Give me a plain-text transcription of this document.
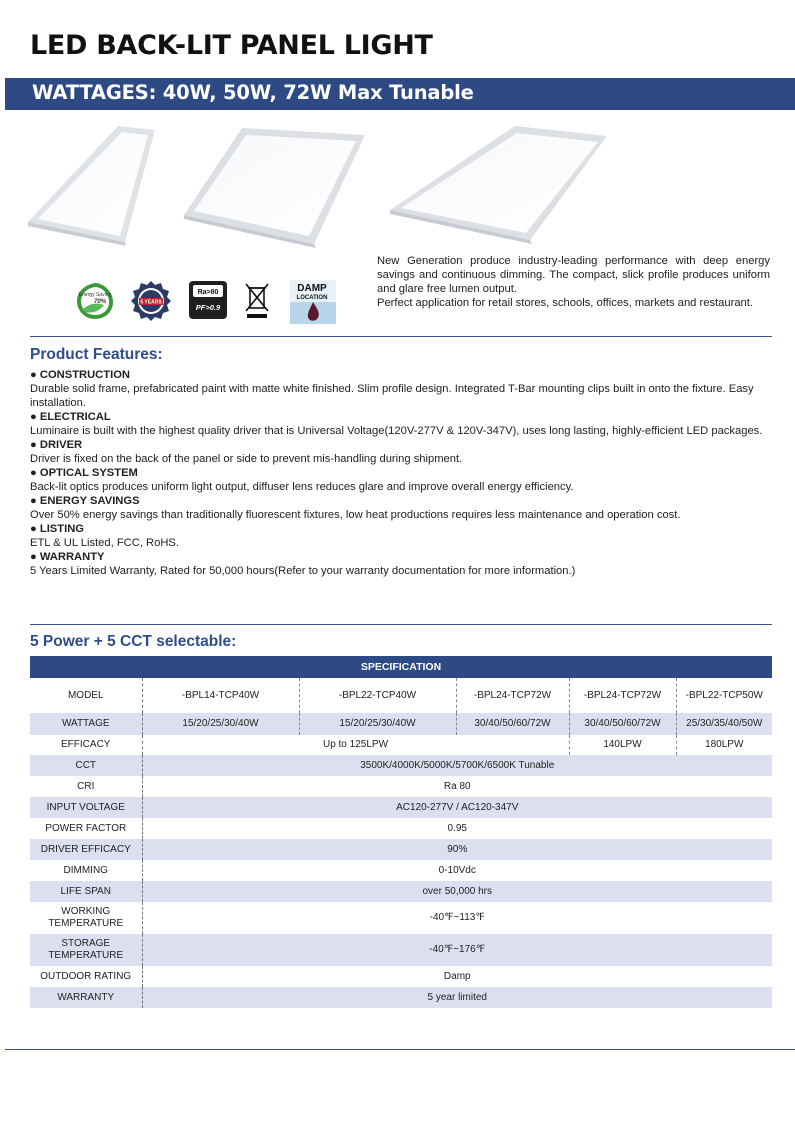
LED BACK-LIT PANEL LIGHT
WATTAGES: 40W, 50W, 72W Max Tunable
Energy Saving
70%	5 YEARS
Ra>80
PF>0.9
DAMP
LOCATION

New Generation produce industry-leading performance with deep energy savings and continuous dimming. The compact, slick profile produces uniform and glare free lumen output.

Perfect application for retail stores, schools, offices, markets and restaurant.

Product Features:
● CONSTRUCTION

Durable solid frame, prefabricated paint with matte white finished. Slim profile design. Integrated T-Bar mounting clips built in onto the fixture. Easy installation.

● ELECTRICAL

Luminaire is built with the highest quality driver that is Universal Voltage(120V-277V & 120V-347V), uses long lasting, highly-efficient LED packages.

● DRIVER

Driver is fixed on the back of the panel or side to prevent mis-handling during shipment.

● OPTICAL SYSTEM

Back-lit optics produces uniform light output, diffuser lens reduces glare and improve overall energy efficiency.

● ENERGY SAVINGS

Over 50% energy savings than traditionally fluorescent fixtures, low heat productions requires less maintenance and operation cost.

● LISTING

ETL & UL Listed, FCC, RoHS.

● WARRANTY

5 Years Limited Warranty, Rated for 50,000 hours(Refer to your warranty documentation for more information.)

5 Power + 5 CCT selectable:
SPECIFICATION					
MODEL	-BPL14-TCP40W	-BPL22-TCP40W	-BPL24-TCP72W	-BPL24-TCP72W	-BPL22-TCP50W
WATTAGE	15/20/25/30/40W	15/20/25/30/40W	30/40/50/60/72W	30/40/50/60/72W	25/30/35/40/50W
EFFICACY	Up to 125LPW			140LPW	180LPW
CCT	3500K/4000K/5000K/5700K/6500K Tunable				
CRI	Ra 80				
INPUT VOLTAGE	AC120-277V / AC120-347V				
POWER FACTOR	0.95				
DRIVER EFFICACY	90%				
DIMMING	0-10Vdc				
LIFE SPAN	over 50,000 hrs				

WORKING
TEMPERATURE	-40℉~113℉				

STORAGE
TEMPERATURE	-40℉~176℉				
OUTDOOR RATING	Damp				
WARRANTY	5 year limited				
